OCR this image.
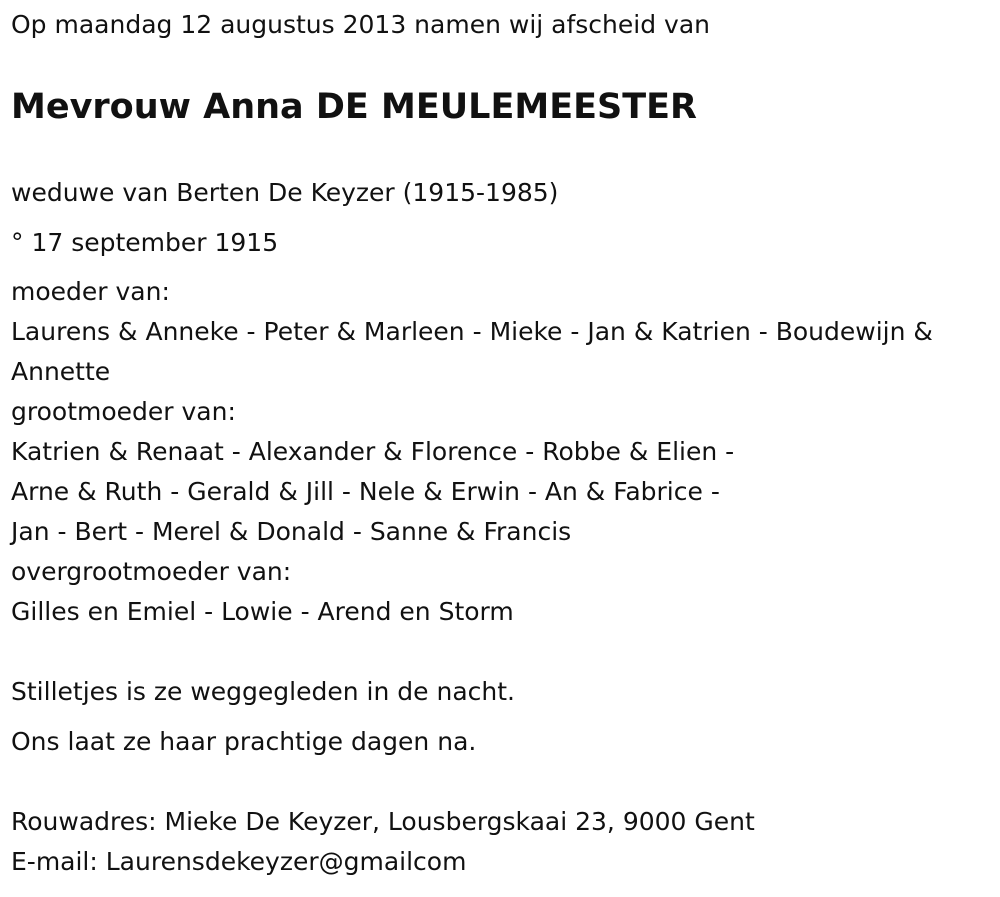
Op maandag 12 augustus 2013 namen wij afscheid van

Mevrouw Anna DE MEULEMEESTER

weduwe van Berten De Keyzer (1915-1985)

° 17 september 1915

moeder van:

Laurens & Anneke - Peter & Marleen - Mieke - Jan & Katrien - Boudewijn & Annette

grootmoeder van:

Katrien & Renaat - Alexander & Florence - Robbe & Elien -

Arne & Ruth - Gerald & Jill - Nele & Erwin - An & Fabrice -

Jan - Bert - Merel & Donald - Sanne & Francis

overgrootmoeder van:

Gilles en Emiel - Lowie - Arend en Storm

Stilletjes is ze weggegleden in de nacht.

Ons laat ze haar prachtige dagen na.

Rouwadres: Mieke De Keyzer, Lousbergskaai 23, 9000 Gent

E-mail: Laurensdekeyzer@gmailcom
